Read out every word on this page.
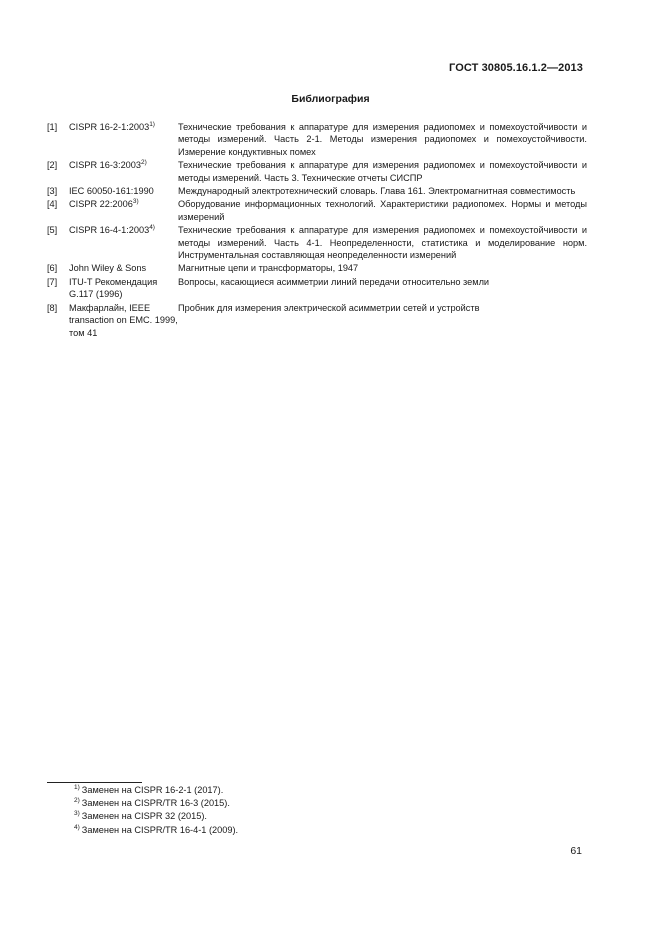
ГОСТ 30805.16.1.2—2013
Библиография
[1]	CISPR 16-2-1:2003$^{1)}$	Технические требования к аппаратуре для измерения радиопомех и помехоустойчивости и методы измерений. Часть 2-1. Методы измерения радиопомех и помехоустойчивости. Измерение кондуктивных помех
[2]	CISPR 16-3:2003$^{2)}$	Технические требования к аппаратуре для измерения радиопомех и помехоустойчивости и методы измерений. Часть 3. Технические отчеты СИСПР
[3]	IEC 60050-161:1990	Международный электротехнический словарь. Глава 161. Электромагнитная совместимость
[4]	CISPR 22:2006$^{3)}$	Оборудование информационных технологий. Характеристики радиопомех. Нормы и методы измерений
[5]	CISPR 16-4-1:2003$^{4)}$	Технические требования к аппаратуре для измерения радиопомех и помехоустойчивости и методы измерений. Часть 4-1. Неопределенности, статистика и моделирование норм. Инструментальная составляющая неопределенности измерений
[6]	John Wiley & Sons	Магнитные цепи и трансформаторы, 1947
[7]	ITU-T Рекомендация G.117 (1996)	Вопросы, касающиеся асимметрии линий передачи относительно земли
[8]	Макфарлайн, IEEE transaction on EMC. 1999, том 41	Пробник для измерения электрической асимметрии сетей и устройств
$^{1)}$ Заменен на CISPR 16-2-1 (2017).
$^{2)}$ Заменен на CISPR/TR 16-3 (2015).
$^{3)}$ Заменен на CISPR 32 (2015).
$^{4)}$ Заменен на CISPR/TR 16-4-1 (2009).
61
